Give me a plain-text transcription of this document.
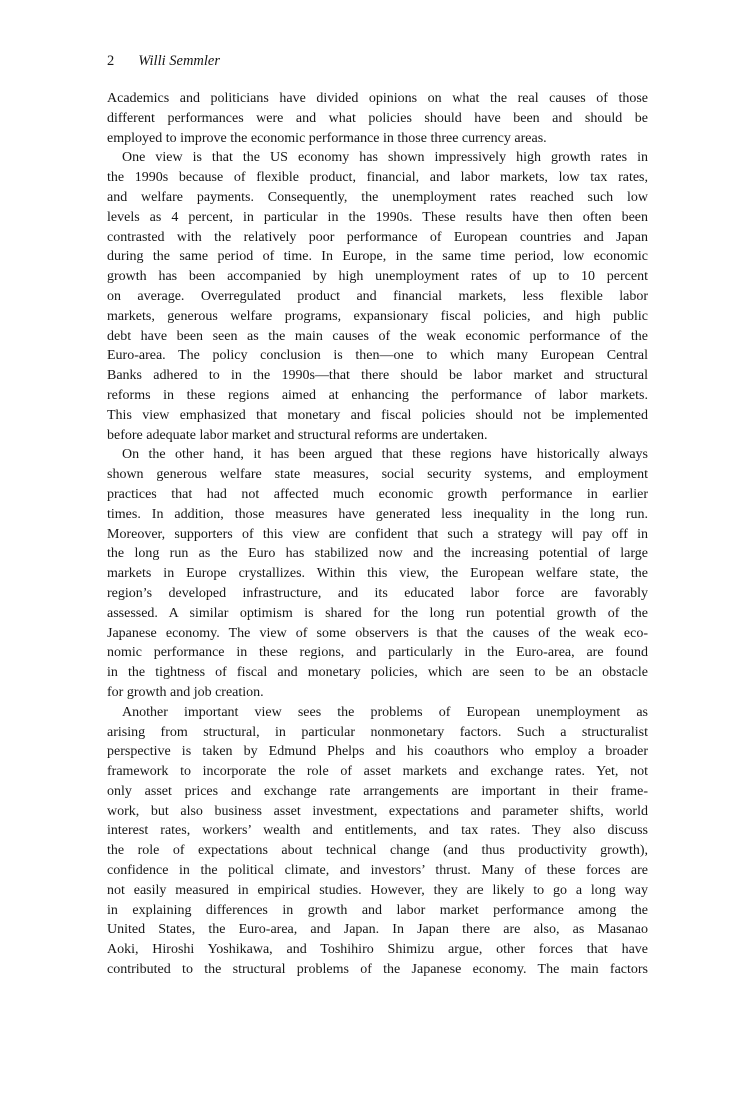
2 Willi Semmler
Academics and politicians have divided opinions on what the real causes of those
different performances were and what policies should have been and should be
employed to improve the economic performance in those three currency areas.
One view is that the US economy has shown impressively high growth rates in
the 1990s because of flexible product, financial, and labor markets, low tax rates,
and welfare payments. Consequently, the unemployment rates reached such low
levels as 4 percent, in particular in the 1990s. These results have then often been
contrasted with the relatively poor performance of European countries and Japan
during the same period of time. In Europe, in the same time period, low economic
growth has been accompanied by high unemployment rates of up to 10 percent
on average. Overregulated product and financial markets, less flexible labor
markets, generous welfare programs, expansionary fiscal policies, and high public
debt have been seen as the main causes of the weak economic performance of the
Euro-area. The policy conclusion is then—one to which many European Central
Banks adhered to in the 1990s—that there should be labor market and structural
reforms in these regions aimed at enhancing the performance of labor markets.
This view emphasized that monetary and fiscal policies should not be implemented
before adequate labor market and structural reforms are undertaken.
On the other hand, it has been argued that these regions have historically always
shown generous welfare state measures, social security systems, and employment
practices that had not affected much economic growth performance in earlier
times. In addition, those measures have generated less inequality in the long run.
Moreover, supporters of this view are confident that such a strategy will pay off in
the long run as the Euro has stabilized now and the increasing potential of large
markets in Europe crystallizes. Within this view, the European welfare state, the
region’s developed infrastructure, and its educated labor force are favorably
assessed. A similar optimism is shared for the long run potential growth of the
Japanese economy. The view of some observers is that the causes of the weak eco-
nomic performance in these regions, and particularly in the Euro-area, are found
in the tightness of fiscal and monetary policies, which are seen to be an obstacle
for growth and job creation.
Another important view sees the problems of European unemployment as
arising from structural, in particular nonmonetary factors. Such a structuralist
perspective is taken by Edmund Phelps and his coauthors who employ a broader
framework to incorporate the role of asset markets and exchange rates. Yet, not
only asset prices and exchange rate arrangements are important in their frame-
work, but also business asset investment, expectations and parameter shifts, world
interest rates, workers’ wealth and entitlements, and tax rates. They also discuss
the role of expectations about technical change (and thus productivity growth),
confidence in the political climate, and investors’ thrust. Many of these forces are
not easily measured in empirical studies. However, they are likely to go a long way
in explaining differences in growth and labor market performance among the
United States, the Euro-area, and Japan. In Japan there are also, as Masanao
Aoki, Hiroshi Yoshikawa, and Toshihiro Shimizu argue, other forces that have
contributed to the structural problems of the Japanese economy. The main factors
